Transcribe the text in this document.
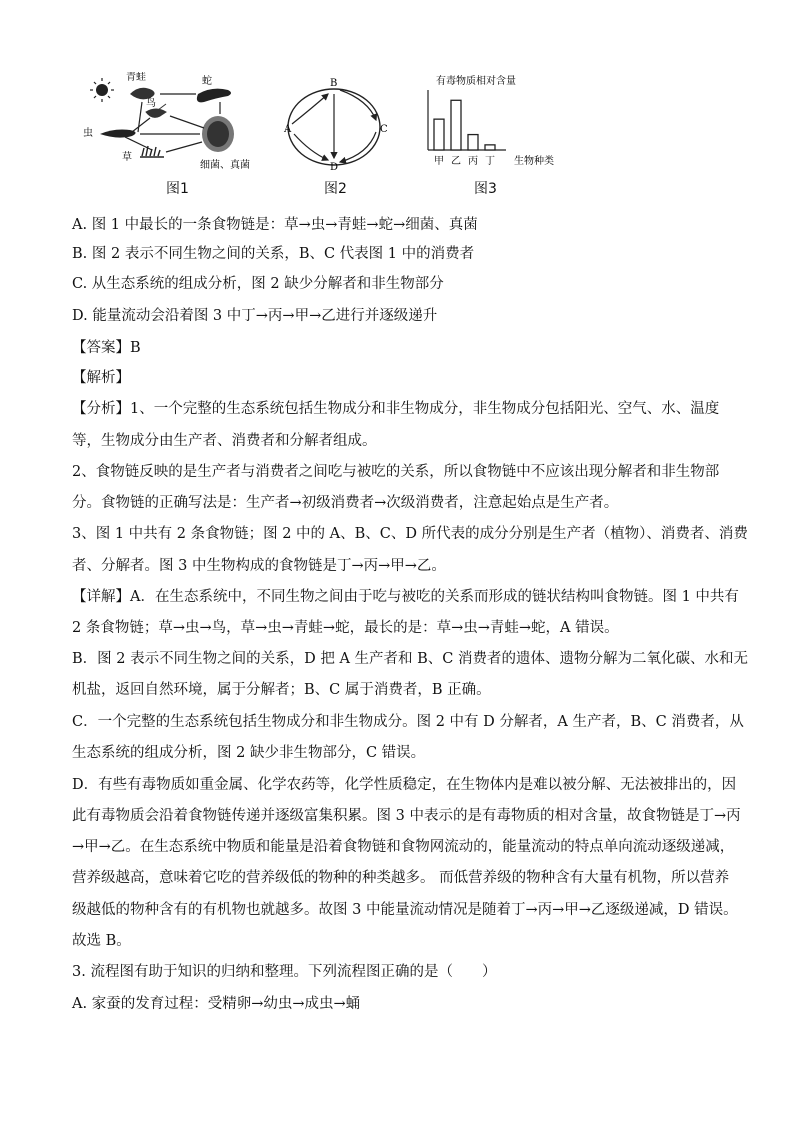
青蛙	蛇
鸟
虫
草
细菌、真菌
图1
A
B
C
D
图2
有毒物质相对含量
甲 乙 丙 丁 生物种类
图3
A. 图 1 中最长的一条食物链是：草→虫→青蛙→蛇→细菌、真菌
B. 图 2 表示不同生物之间的关系，B、C 代表图 1 中的消费者
C. 从生态系统的组成分析，图 2 缺少分解者和非生物部分
D. 能量流动会沿着图 3 中丁→丙→甲→乙进行并逐级递升
【答案】B
【解析】
【分析】1、一个完整的生态系统包括生物成分和非生物成分，非生物成分包括阳光、空气、水、温度
等，生物成分由生产者、消费者和分解者组成。
2、食物链反映的是生产者与消费者之间吃与被吃的关系，所以食物链中不应该出现分解者和非生物部
分。食物链的正确写法是：生产者→初级消费者→次级消费者，注意起始点是生产者。
3、图 1 中共有 2 条食物链；图 2 中的 A、B、C、D 所代表的成分分别是生产者（植物）、消费者、消费
者、分解者。图 3 中生物构成的食物链是丁→丙→甲→乙。
【详解】A．在生态系统中，不同生物之间由于吃与被吃的关系而形成的链状结构叫食物链。图 1 中共有
2 条食物链；草→虫→鸟，草→虫→青蛙→蛇，最长的是：草→虫→青蛙→蛇，A 错误。
B．图 2 表示不同生物之间的关系，D 把 A 生产者和 B、C 消费者的遗体、遗物分解为二氧化碳、水和无
机盐，返回自然环境，属于分解者；B、C 属于消费者，B 正确。
C．一个完整的生态系统包括生物成分和非生物成分。图 2 中有 D 分解者，A 生产者，B、C 消费者，从
生态系统的组成分析，图 2 缺少非生物部分，C 错误。
D．有些有毒物质如重金属、化学农药等，化学性质稳定，在生物体内是难以被分解、无法被排出的，因
此有毒物质会沿着食物链传递并逐级富集积累。图 3 中表示的是有毒物质的相对含量，故食物链是丁→丙
→甲→乙。在生态系统中物质和能量是沿着食物链和食物网流动的，能量流动的特点单向流动逐级递减，
营养级越高，意味着它吃的营养级低的物种的种类越多。 而低营养级的物种含有大量有机物，所以营养
级越低的物种含有的有机物也就越多。故图 3 中能量流动情况是随着丁→丙→甲→乙逐级递减，D 错误。
故选 B。
3. 流程图有助于知识的归纳和整理。下列流程图正确的是（　　）
A. 家蚕的发育过程：受精卵→幼虫→成虫→蛹
